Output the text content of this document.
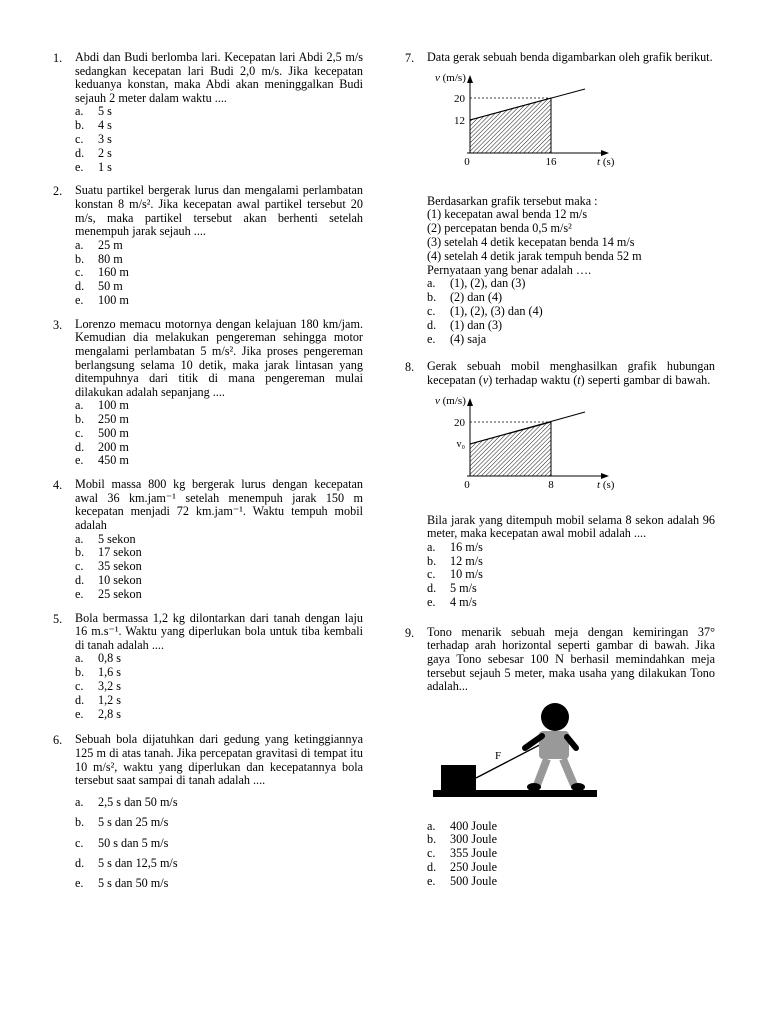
1. Abdi dan Budi berlomba lari. Kecepatan lari Abdi 2,5 m/s sedangkan kecepatan lari Budi 2,0 m/s. Jika kecepatan keduanya konstan, maka Abdi akan meninggalkan Budi sejauh 2 meter dalam waktu ....
a.	5 s
b.	4 s
c.	3 s
d.	2 s
e.	1 s
2. Suatu partikel bergerak lurus dan mengalami perlambatan konstan 8 m/s². Jika kecepatan awal partikel tersebut 20 m/s, maka partikel tersebut akan berhenti setelah menempuh jarak sejauh ....
a.	25 m
b.	80 m
c.	160 m
d.	50 m
e.	100 m
3. Lorenzo memacu motornya dengan kelajuan 180 km/jam. Kemudian dia melakukan pengereman sehingga motor mengalami perlambatan 5 m/s². Jika proses pengereman berlangsung selama 10 detik, maka jarak lintasan yang ditempuhnya dari titik di mana pengereman mulai dilakukan adalah sepanjang ....
a.	100 m
b.	250 m
c.	500 m
d.	200 m
e.	450 m
4. Mobil massa 800 kg bergerak lurus dengan kecepatan awal 36 km.jam⁻¹ setelah menempuh jarak 150 m kecepatan menjadi 72 km.jam⁻¹. Waktu tempuh mobil adalah
a.	5 sekon
b.	17 sekon
c.	35 sekon
d.	10 sekon
e.	25 sekon
5. Bola bermassa 1,2 kg dilontarkan dari tanah dengan laju 16 m.s⁻¹. Waktu yang diperlukan bola untuk tiba kembali di tanah adalah ....
a.	0,8 s
b.	1,6 s
c.	3,2 s
d.	1,2 s
e.	2,8 s
6. Sebuah bola dijatuhkan dari gedung yang ketinggiannya 125 m di atas tanah. Jika percepatan gravitasi di tempat itu 10 m/s², waktu yang diperlukan dan kecepatannya bola tersebut saat sampai di tanah adalah ....
a.	2,5 s dan 50 m/s
b.	5 s dan 25 m/s
c.	50 s dan 5 m/s
d.	5 s dan 12,5 m/s
e.	5 s dan 50 m/s
7. Data gerak sebuah benda digambarkan oleh grafik berikut.
v (m/s)
20
12
0	16	t (s)
Berdasarkan grafik tersebut maka :
(1) kecepatan awal benda 12 m/s
(2) percepatan benda 0,5 m/s²
(3) setelah 4 detik kecepatan benda 14 m/s
(4) setelah 4 detik jarak tempuh benda 52 m
Pernyataan yang benar adalah ….
a.	(1), (2), dan (3)
b.	(2) dan (4)
c.	(1), (2), (3) dan (4)
d.	(1) dan (3)
e.	(4) saja
8. Gerak sebuah mobil menghasilkan grafik hubungan kecepatan (v) terhadap waktu (t) seperti gambar di bawah.
v (m/s)
20
v₀
0	8	t (s)
Bila jarak yang ditempuh mobil selama 8 sekon adalah 96 meter, maka kecepatan awal mobil adalah ....
a.	16 m/s
b.	12 m/s
c.	10 m/s
d.	5 m/s
e.	4 m/s
9. Tono menarik sebuah meja dengan kemiringan 37° terhadap arah horizontal seperti gambar di bawah. Jika gaya Tono sebesar 100 N berhasil memindahkan meja tersebut sejauh 5 meter, maka usaha yang dilakukan Tono adalah...
F
a.	400 Joule
b.	300 Joule
c.	355 Joule
d.	250 Joule
e.	500 Joule
